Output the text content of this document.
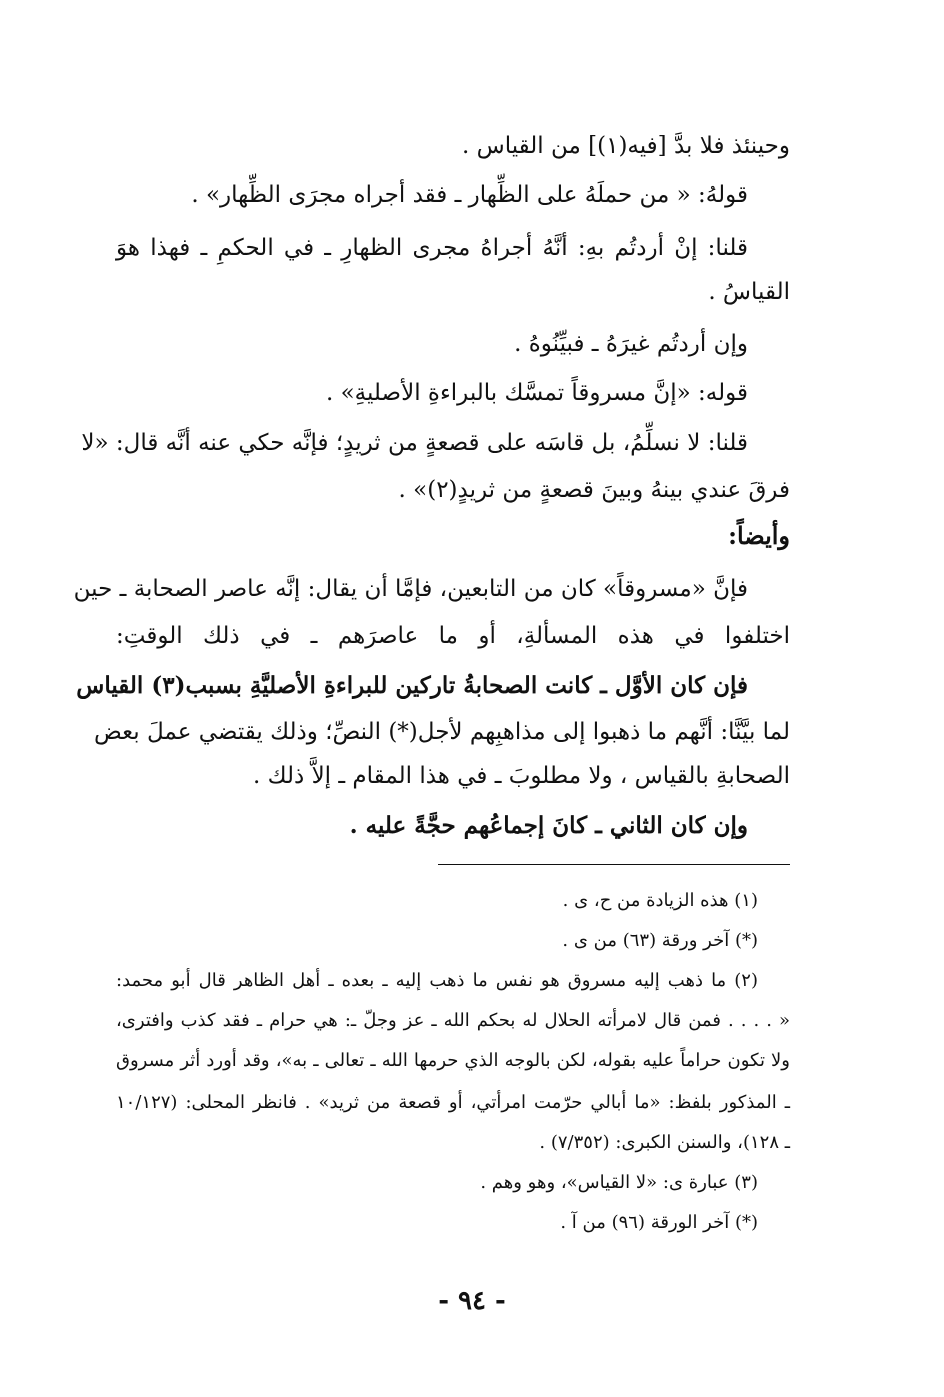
وحينئذ فلا بدَّ [فيه(١)] من القياس .
قولهُ: « من حملَهُ على الظِّهار ـ فقد أجراه مجرَى الظِّهار» .
قلنا: إنْ أردتُم بهِ: أنَّهُ أجراهُ مجرى الظهارِ ـ في الحكمِ ـ فهذا هوَ
القياسُ .
وإن أردتُم غيرَهُ ـ فبيِّنُوهُ .
قوله: «إنَّ مسروقاً تمسَّك بالبراءةِ الأصليةِ» .
قلنا: لا نسلِّمُ، بل قاسَه على قصعةٍ من ثريدٍ؛ فإنَّه حكي عنه أنَّه قال: «لا
فرقَ عندي بينهُ وبينَ قصعةٍ من ثريدٍ(٢)» .
وأيضاً:
فإنَّ «مسروقاً» كان من التابعين، فإمَّا أن يقال: إنَّه عاصر الصحابة ـ حين
اختلفوا في هذه المسألةِ، أو ما عاصرَهم ـ في ذلك الوقتِ:
فإن كان الأوَّل ـ كانت الصحابةُ تاركين للبراءةِ الأصليَّةِ بسبب(٣) القياس
لما بيَّنَّا: أنَّهم ما ذهبوا إلى مذاهبِهم لأجل(*) النصِّ؛ وذلك يقتضي عملَ بعض
الصحابةِ بالقياس ، ولا مطلوبَ ـ في هذا المقام ـ إلاَّ ذلك .
وإن كان الثاني ـ كانَ إجماعُهم حجَّةً عليه .
(١) هذه الزيادة من ح، ى .
(*) آخر ورقة (٦٣) من ى .
(٢) ما ذهب إليه مسروق هو نفس ما ذهب إليه ـ بعده ـ أهل الظاهر قال أبو محمد:
« . . . . فمن قال لامرأته الحلال له بحكم الله ـ عز وجلّ ـ: هي حرام ـ فقد كذب وافترى،
ولا تكون حراماً عليه بقوله، لكن بالوجه الذي حرمها الله ـ تعالى ـ به»، وقد أورد أثر مسروق
ـ المذكور بلفظ: «ما أبالي حرّمت امرأتي، أو قصعة من ثريد» . فانظر المحلى: (١٠/١٢٧
ـ ١٢٨)، والسنن الكبرى: (٧/٣٥٢) .
(٣) عبارة ى: «لا القياس»، وهو وهم .
(*) آخر الورقة (٩٦) من آ .
- ٩٤ -
